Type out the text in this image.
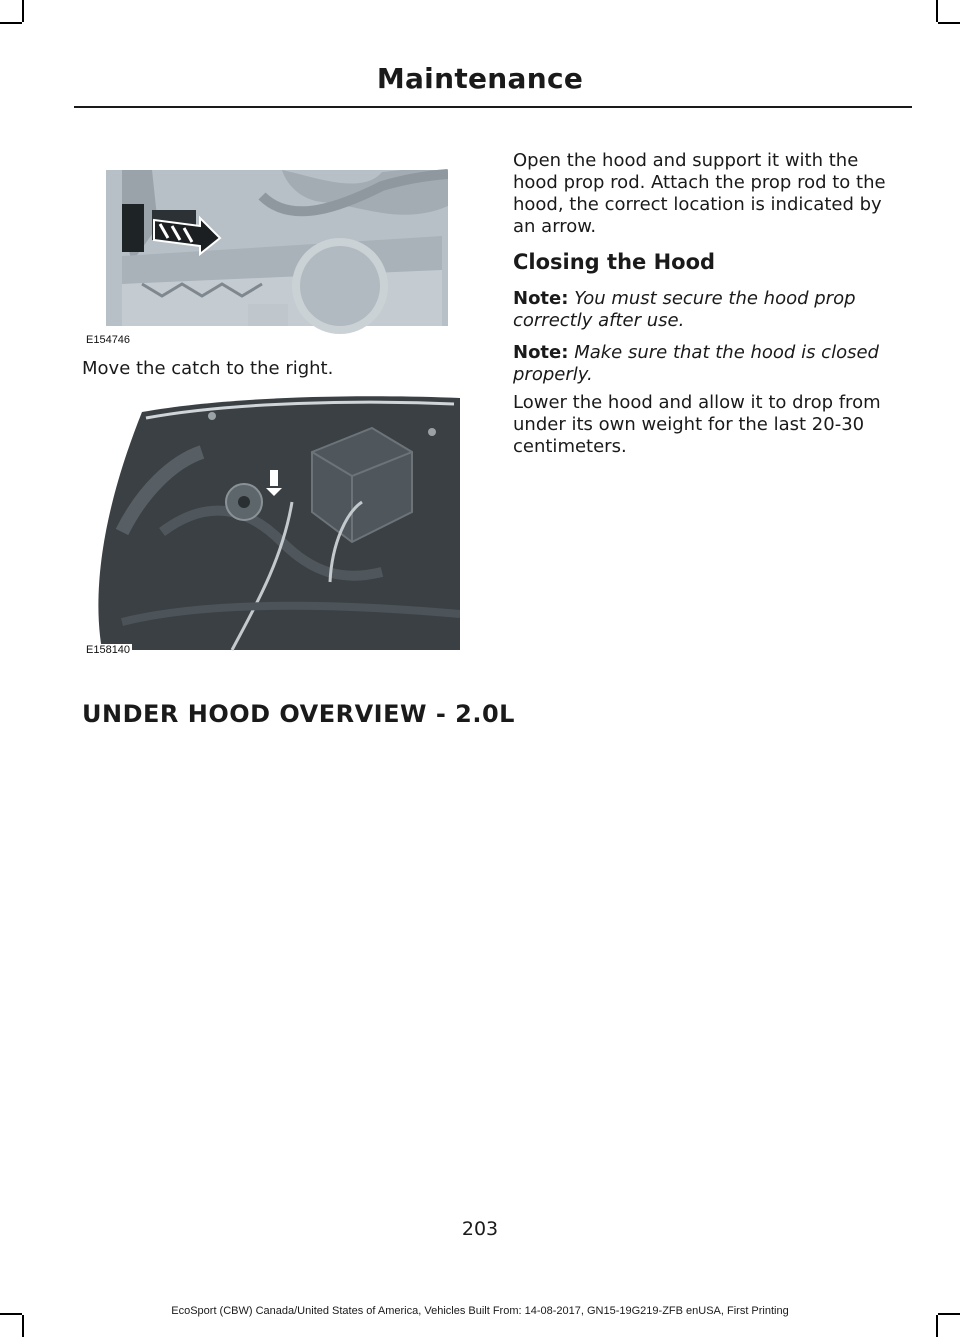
Maintenance
E154746
Move the catch to the right.
E158140
UNDER HOOD OVERVIEW - 2.0L
Open the hood and support it with the hood prop rod. Attach the prop rod to the hood, the correct location is indicated by an arrow.
Closing the Hood
Note: You must secure the hood prop correctly after use.
Note: Make sure that the hood is closed properly.
Lower the hood and allow it to drop from under its own weight for the last 20-30 centimeters.
203
EcoSport (CBW) Canada/United States of America, Vehicles Built From: 14-08-2017, GN15-19G219-ZFB enUSA, First Printing
